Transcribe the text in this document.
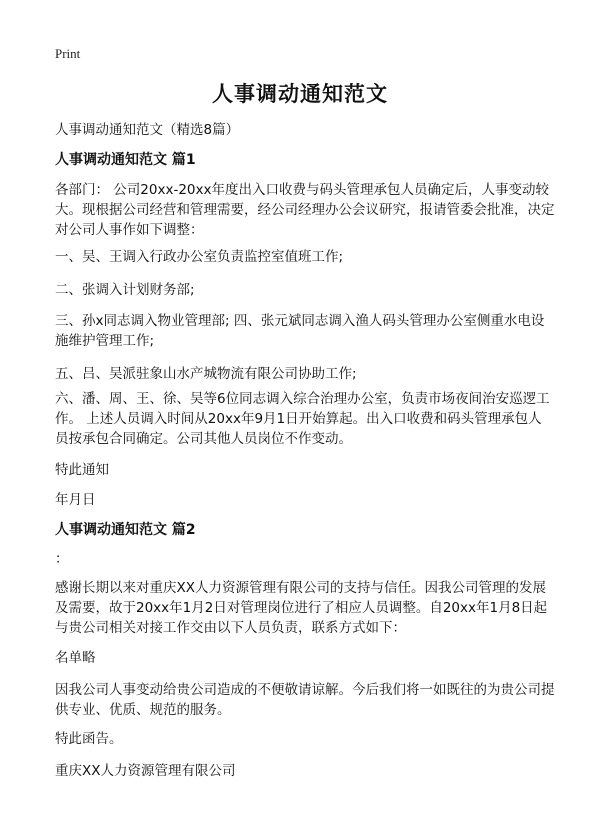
Print
人事调动通知范文

人事调动通知范文（精选8篇）

人事调动通知范文 篇1

各部门： 公司20xx-20xx年度出入口收费与码头管理承包人员确定后，人事变动较大。现根据公司经营和管理需要，经公司经理办公会议研究，报请管委会批准，决定对公司人事作如下调整：

一、吴、王调入行政办公室负责监控室值班工作;

二、张调入计划财务部;

三、孙x同志调入物业管理部; 四、张元斌同志调入渔人码头管理办公室侧重水电设施维护管理工作;

五、吕、吴派驻象山水产城物流有限公司协助工作;

六、潘、周、王、徐、吴等6位同志调入综合治理办公室，负责市场夜间治安巡逻工作。 上述人员调入时间从20xx年9月1日开始算起。出入口收费和码头管理承包人员按承包合同确定。公司其他人员岗位不作变动。

特此通知

年月日

人事调动通知范文 篇2

：

感谢长期以来对重庆XX人力资源管理有限公司的支持与信任。因我公司管理的发展及需要，故于20xx年1月2日对管理岗位进行了相应人员调整。自20xx年1月8日起与贵公司相关对接工作交由以下人员负责，联系方式如下：

名单略

因我公司人事变动给贵公司造成的不便敬请谅解。今后我们将一如既往的为贵公司提供专业、优质、规范的服务。

特此函告。

重庆XX人力资源管理有限公司
